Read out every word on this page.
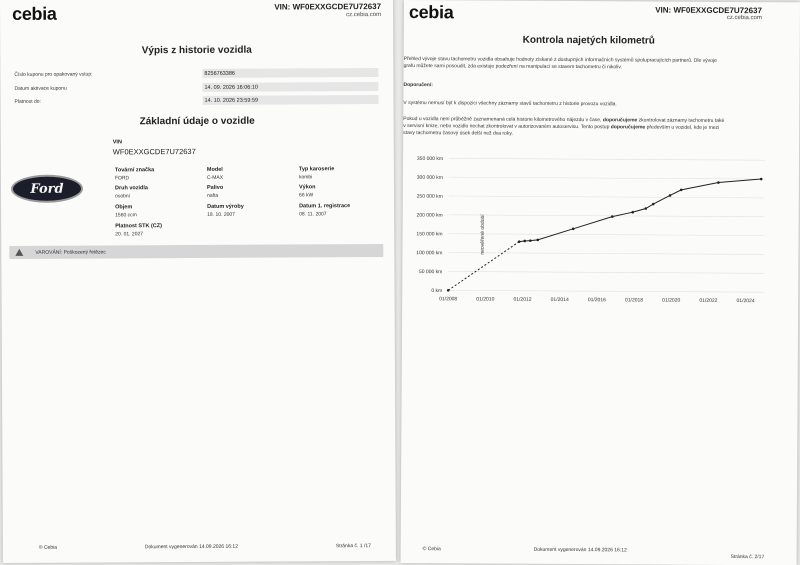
cebia	VIN: WF0EXXGCDE7U72637
cz.cebia.com
Výpis z historie vozidla
Číslo kuponu pro opakovaný vstup:	8256763386
Datum aktivace kuponu	14. 09. 2026 16:06:10
Platnost do:	14. 10. 2026 23:59:59
Základní údaje o vozidle
VIN
WF0EXXGCDE7U72637
Ford
Tovární značka
FORD
Model
C-MAX
Typ karoserie
kombi
Druh vozidla
osobní
Palivo
nafta
Výkon
66 kW
Objem
1560 ccm
Datum výroby
18. 10. 2007
Datum 1. registrace
08. 11. 2007
Platnost STK (CZ)
20. 01. 2027
VAROVÁNÍ: Poškozený řetězec
© Cebia	Dokument vygenerován 14.09.2026 16:12	Stránka č. 1 /17
cebia	VIN: WF0EXXGCDE7U72637
cz.cebia.com
Kontrola najetých kilometrů
Přehled vývoje stavu tachometru vozidla obsahuje hodnoty získané z dostupných informačních systémů spolupracujících partnerů. Dle vývoje
grafu můžete sami posoudit, zda existuje podezření na manipulaci se stavem tachometru či nikoliv.
Doporučení:
V systému nemusí být k dispozici všechny záznamy stavů tachometru z historie provozu vozidla.
Pokud u vozidla není průběžně zaznamenaná celá historie kilometrového nájezdu v čase, doporučujeme zkontrolovat záznamy tachometru také
v servisní knize, nebo vozidlo nechat zkontrolovat v autorizovaném autoservisu. Tento postup doporučujeme především u vozidel, kde je mezi
stavy tachometru časový úsek delší než dva roky.
0 km
50 000 km
100 000 km
150 000 km
200 000 km
250 000 km
300 000 km
350 000 km
01/2008	01/2010	01/2012	01/2014	01/2016	01/2018	01/2020	01/2022	01/2024
neověřené období
© Cebia	Dokument vygenerován 14.09.2026 16:12
Stránka č. 2/17
